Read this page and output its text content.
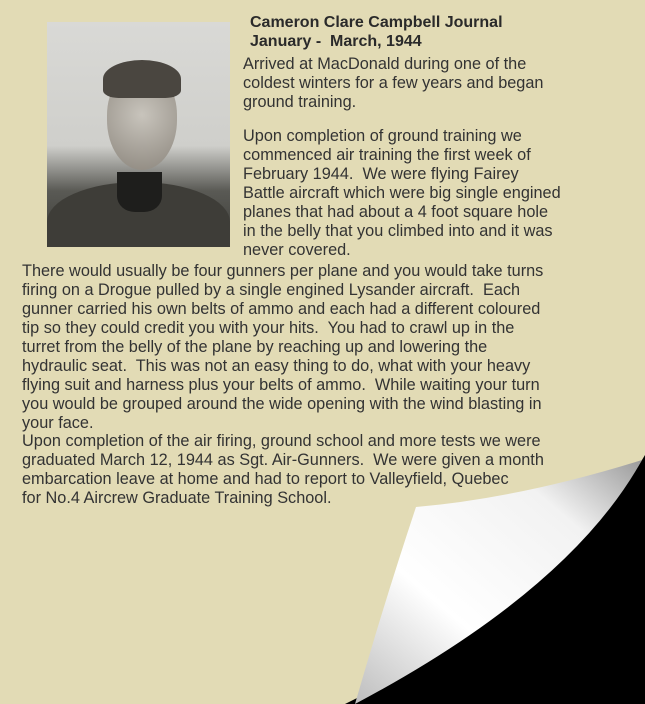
Cameron Clare Campbell Journal
January -  March, 1944
Arrived at MacDonald during one of the
coldest winters for a few years and began
ground training.
Upon completion of ground training we
commenced air training the first week of
February 1944.  We were flying Fairey
Battle aircraft which were big single engined
planes that had about a 4 foot square hole
in the belly that you climbed into and it was
never covered.
There would usually be four gunners per plane and you would take turns
firing on a Drogue pulled by a single engined Lysander aircraft.  Each
gunner carried his own belts of ammo and each had a different coloured
tip so they could credit you with your hits.  You had to crawl up in the
turret from the belly of the plane by reaching up and lowering the
hydraulic seat.  This was not an easy thing to do, what with your heavy
flying suit and harness plus your belts of ammo.  While waiting your turn
you would be grouped around the wide opening with the wind blasting in
your face.
Upon completion of the air firing, ground school and more tests we were
graduated March 12, 1944 as Sgt. Air-Gunners.  We were given a month
embarcation leave at home and had to report to Valleyfield, Quebec
for No.4 Aircrew Graduate Training School.
